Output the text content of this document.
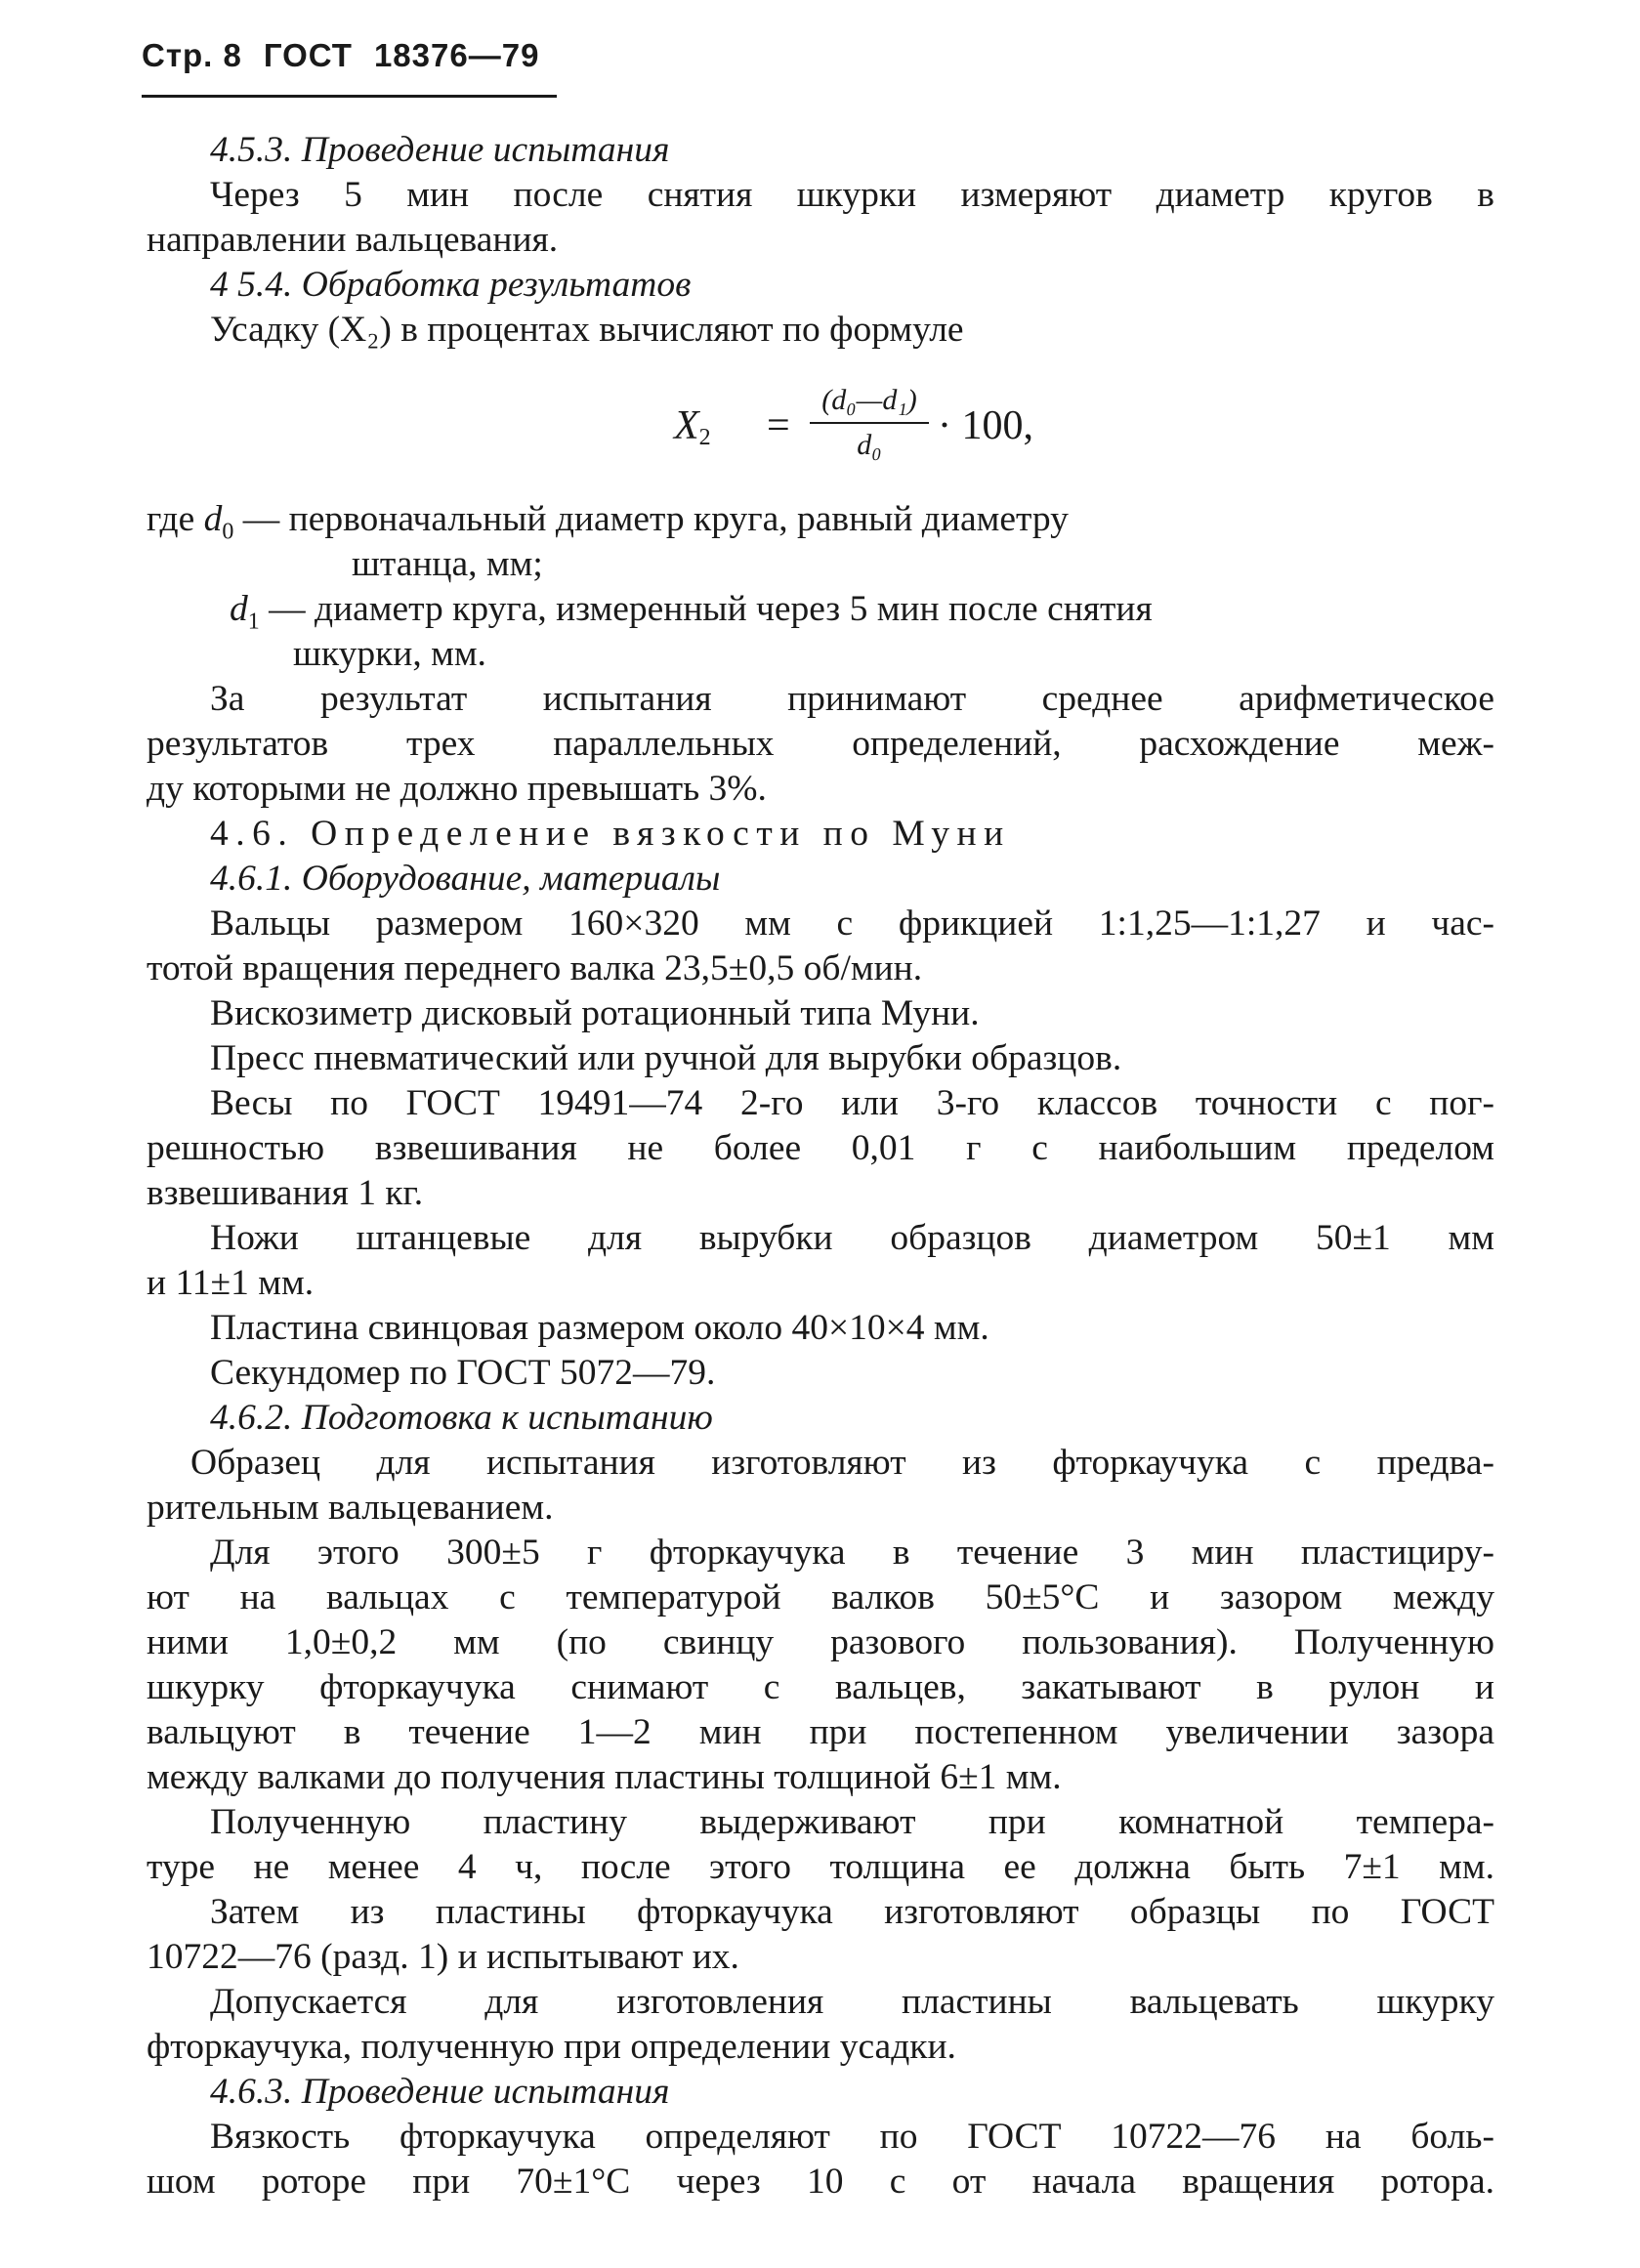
Стр. 8 ГОСТ 18376—79
4.5.3. Проведение испытания
Через 5 мин после снятия шкурки измеряют диаметр кругов в
направлении вальцевания.
4 5.4. Обработка результатов
Усадку (X₂) в процентах вычисляют по формуле
$X_2$ =
(d₀—d₁)
d₀	· 100,
где $d_0$ — первоначальный диаметр круга, равный диаметру
штанца, мм;
$d_1$ — диаметр круга, измеренный через 5 мин после снятия
шкурки, мм.
За результат испытания принимают среднее арифметическое
результатов трех параллельных определений, расхождение меж-
ду которыми не должно превышать 3%.
4.6. Определение вязкости по Муни
4.6.1. Оборудование, материалы
Вальцы размером 160×320 мм с фрикцией 1:1,25—1:1,27 и час-
тотой вращения переднего валка 23,5±0,5 об/мин.
Вискозиметр дисковый ротационный типа Муни.
Пресс пневматический или ручной для вырубки образцов.
Весы по ГОСТ 19491—74 2-го или 3-го классов точности с пог-
решностью взвешивания не более 0,01 г с наибольшим пределом
взвешивания 1 кг.
Ножи штанцевые для вырубки образцов диаметром 50±1 мм
и 11±1 мм.
Пластина свинцовая размером около 40×10×4 мм.
Секундомер по ГОСТ 5072—79.
4.6.2. Подготовка к испытанию
Образец для испытания изготовляют из фторкаучука с предва-
рительным вальцеванием.
Для этого 300±5 г фторкаучука в течение 3 мин пластициру-
ют на вальцах с температурой валков 50±5°С и зазором между
ними 1,0±0,2 мм (по свинцу разового пользования). Полученную
шкурку фторкаучука снимают с вальцев, закатывают в рулон и
вальцуют в течение 1—2 мин при постепенном увеличении зазора
между валками до получения пластины толщиной 6±1 мм.
Полученную пластину выдерживают при комнатной темпера-
туре не менее 4 ч, после этого толщина ее должна быть 7±1 мм.
Затем из пластины фторкаучука изготовляют образцы по ГОСТ
10722—76 (разд. 1) и испытывают их.
Допускается для изготовления пластины вальцевать шкурку
фторкаучука, полученную при определении усадки.
4.6.3. Проведение испытания
Вязкость фторкаучука определяют по ГОСТ 10722—76 на боль-
шом роторе при 70±1°С через 10 с от начала вращения ротора.
